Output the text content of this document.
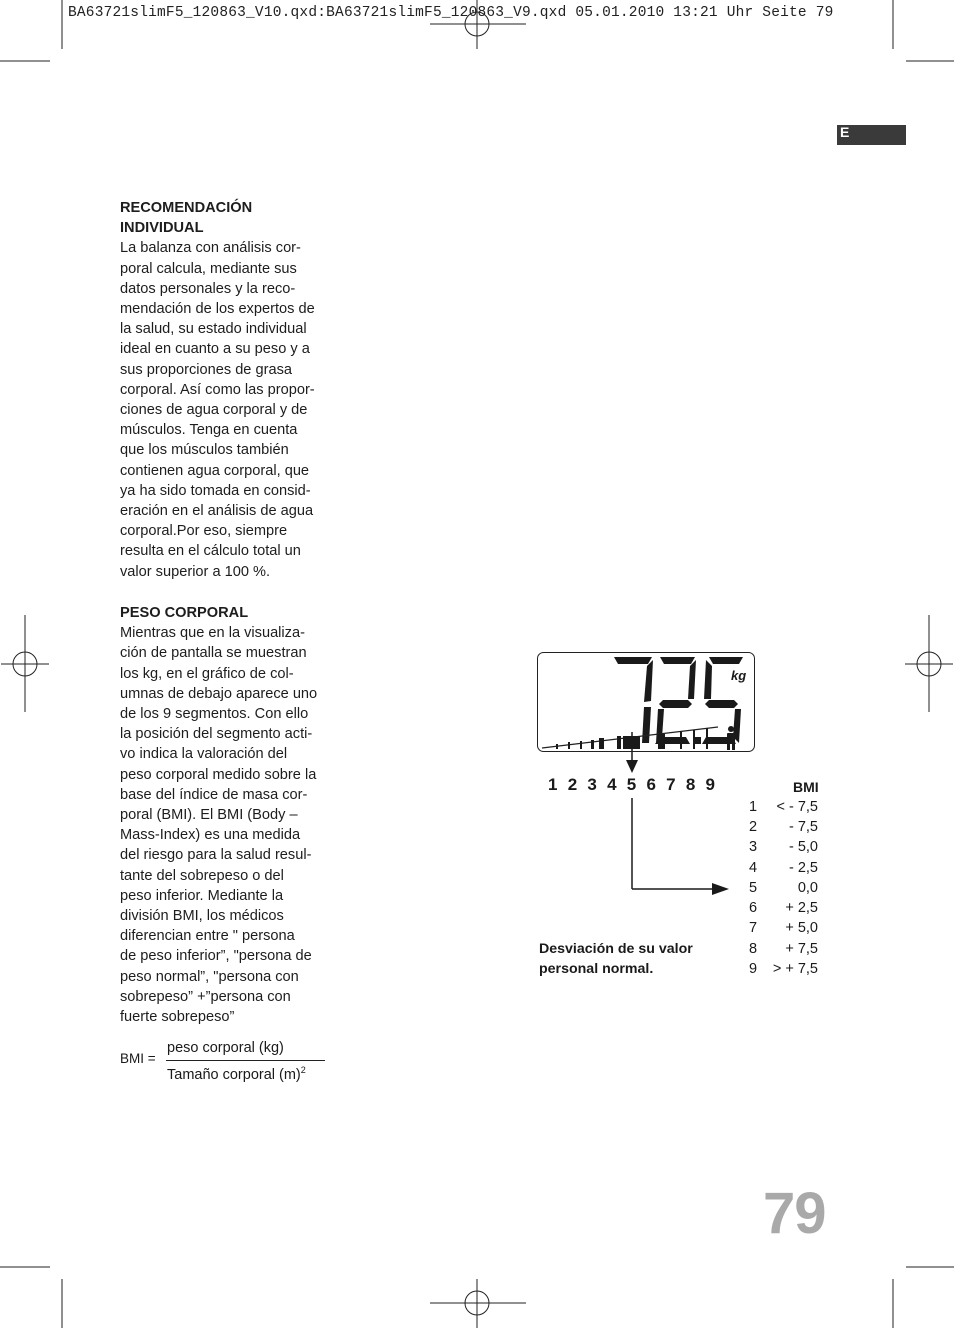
BA63721slimF5_120863_V10.qxd:BA63721slimF5_120863_V9.qxd 05.01.2010 13:21 Uhr Seite 79
E
RECOMENDACIÓN
INDIVIDUAL
La balanza con análisis cor-
poral calcula, mediante sus
datos personales y la reco-
mendación de los expertos de
la salud, su estado individual
ideal en cuanto a su peso y a
sus proporciones de grasa
corporal. Así como las propor-
ciones de agua corporal y de
músculos. Tenga en cuenta
que los músculos también
contienen agua corporal, que
ya ha sido tomada en consid-
eración en el análisis de agua
corporal.Por eso, siempre
resulta en el cálculo total un
valor superior a 100 %.
PESO CORPORAL
Mientras que en la visualiza-
ción de pantalla se muestran
los kg, en el gráfico de col-
umnas de debajo aparece uno
de los 9 segmentos. Con ello
la posición del segmento acti-
vo indica la valoración del
peso corporal medido sobre la
base del índice de masa cor-
poral (BMI). El BMI (Body –
Mass-Index) es una medida
del riesgo para la salud resul-
tante del sobrepeso o del
peso inferior. Mediante la
división BMI, los médicos
diferencian entre " persona
de peso inferior”, "persona de
peso normal”, "persona con
sobrepeso” +”persona con
fuerte sobrepeso”
BMI =
peso corporal (kg)
Tamaño corporal $(m)^2$
kg
1 2 3 4 5 6 7 8 9	BMI
1 < - 7,5
2 - 7,5
3 - 5,0
4 - 2,5
5	0,0
6 + 2,5
7 + 5,0
8 + 7,5
9 > + 7,5
Desviación de su valor
personal normal.
79
